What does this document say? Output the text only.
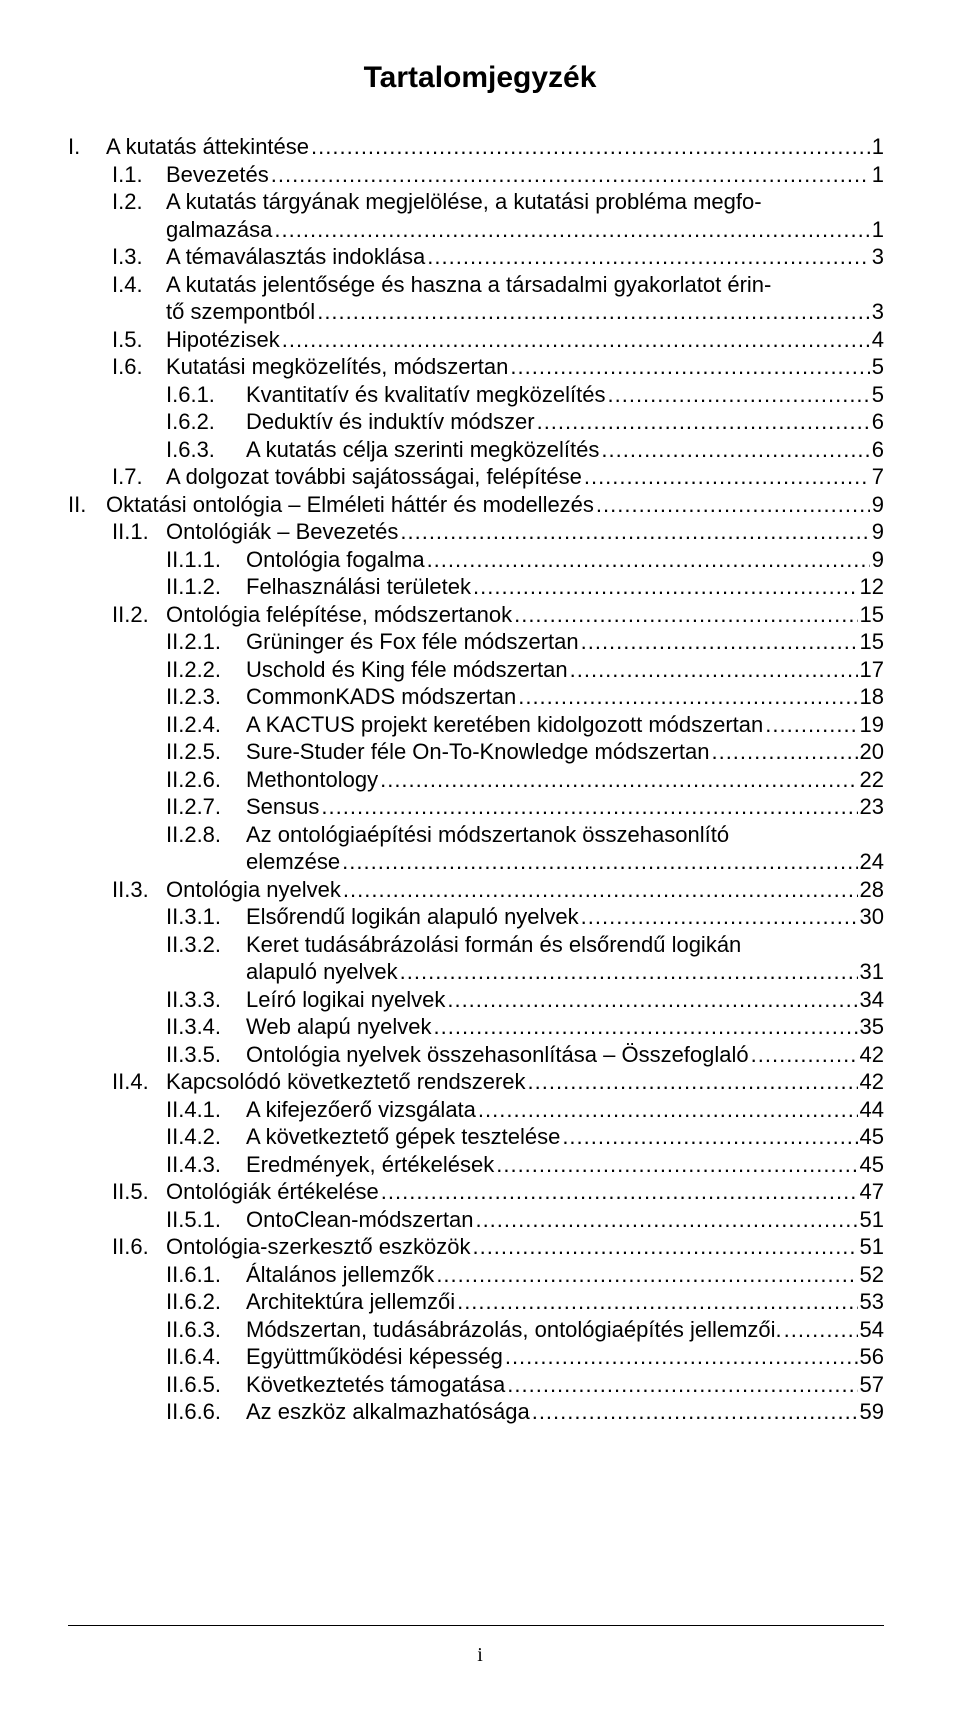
Tartalomjegyzék
I. A kutatás áttekintése .....	1
I.1. Bevezetés .....	1
I.2. A kutatás tárgyának megjelölése, a kutatási probléma megfo-
galmazása .....	1
I.3. A témaválasztás indoklása .....	3
I.4. A kutatás jelentősége és haszna a társadalmi gyakorlatot érin-
tő szempontból .....	3
I.5. Hipotézisek .....	4
I.6. Kutatási megközelítés, módszertan .....	5
I.6.1. Kvantitatív és kvalitatív megközelítés .....	5
I.6.2. Deduktív és induktív módszer .....	6
I.6.3. A kutatás célja szerinti megközelítés .....	6
I.7. A dolgozat további sajátosságai, felépítése .....	7
II. Oktatási ontológia – Elméleti háttér és modellezés .....	9
II.1. Ontológiák – Bevezetés .....	9
II.1.1. Ontológia fogalma .....	9
II.1.2. Felhasználási területek .....	12
II.2. Ontológia felépítése, módszertanok .....	15
II.2.1. Grüninger és Fox féle módszertan .....	15
II.2.2. Uschold és King féle módszertan .....	17
II.2.3. CommonKADS módszertan .....	18
II.2.4. A KACTUS projekt keretében kidolgozott módszertan .....	19
II.2.5. Sure-Studer féle On-To-Knowledge módszertan .....	20
II.2.6. Methontology .....	22
II.2.7. Sensus .....	23
II.2.8. Az ontológiaépítési módszertanok összehasonlító
elemzése .....	24
II.3. Ontológia nyelvek .....	28
II.3.1. Elsőrendű logikán alapuló nyelvek .....	30
II.3.2. Keret tudásábrázolási formán és elsőrendű logikán
alapuló nyelvek .....	31
II.3.3. Leíró logikai nyelvek .....	34
II.3.4. Web alapú nyelvek .....	35
II.3.5. Ontológia nyelvek összehasonlítása – Összefoglaló .....	42
II.4. Kapcsolódó következtető rendszerek .....	42
II.4.1. A kifejezőerő vizsgálata .....	44
II.4.2. A következtető gépek tesztelése .....	45
II.4.3. Eredmények, értékelések .....	45
II.5. Ontológiák értékelése .....	47
II.5.1. OntoClean-módszertan .....	51
II.6. Ontológia-szerkesztő eszközök .....	51
II.6.1. Általános jellemzők .....	52
II.6.2. Architektúra jellemzői .....	53
II.6.3. Módszertan, tudásábrázolás, ontológiaépítés jellemzői. .....	54
II.6.4. Együttműködési képesség .....	56
II.6.5. Következtetés támogatása .....	57
II.6.6. Az eszköz alkalmazhatósága .....	59
i
